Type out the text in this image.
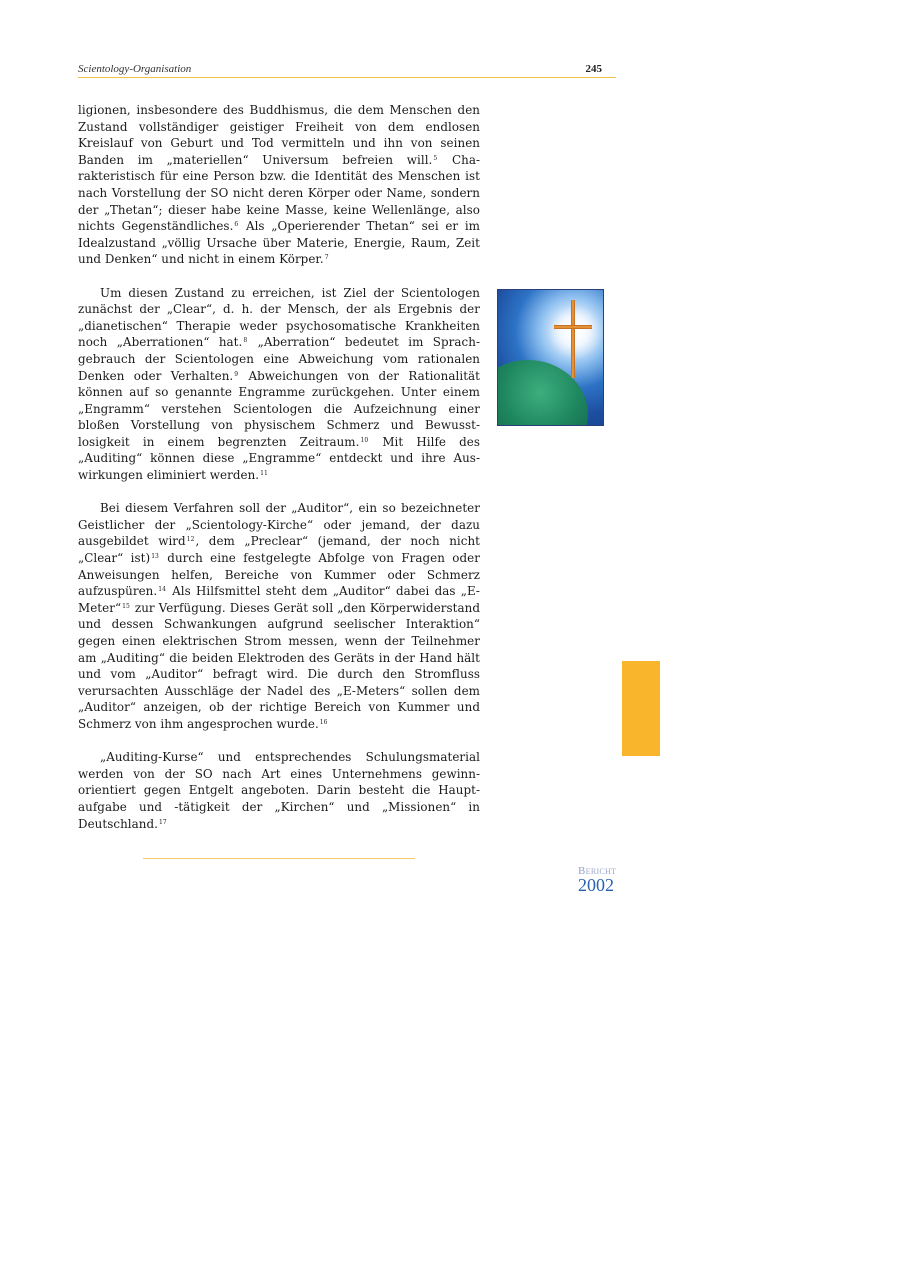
Scientology-Organisation	245

ligionen, insbesondere des Buddhismus, die dem Menschen den Zustand vollständiger geistiger Freiheit von dem endlosen Kreislauf von Geburt und Tod vermitteln und ihn von seinen Banden im „materiellen“ Universum befreien will.$^5$ Charakteristisch für eine Person bzw. die Identität des Menschen ist nach Vorstellung der SO nicht deren Körper oder Name, sondern der „Thetan“; dieser habe keine Masse, keine Wellenlänge, also nichts Gegenständliches.$^6$ Als „Operierender Thetan“ sei er im Idealzustand „völlig Ursache über Materie, Energie, Raum, Zeit und Denken“ und nicht in einem Körper.$^7$

Um diesen Zustand zu erreichen, ist Ziel der Scientologen zunächst der „Clear“, d. h. der Mensch, der als Ergebnis der „dianetischen“ Therapie weder psychosomatische Krankheiten noch „Aberrationen“ hat.$^8$ „Aberration“ bedeutet im Sprachgebrauch der Scientologen eine Abweichung vom rationalen Denken oder Verhalten.$^9$ Abweichungen von der Rationalität können auf so genannte Engramme zurückgehen. Unter einem „Engramm“ verstehen Scientologen die Aufzeichnung einer bloßen Vorstellung von physischem Schmerz und Bewusstlosigkeit in einem begrenzten Zeitraum.$^{10}$ Mit Hilfe des „Auditing“ können diese „Engramme“ entdeckt und ihre Auswirkungen eliminiert werden.$^{11}$

Bei diesem Verfahren soll der „Auditor“, ein so bezeichneter Geistlicher der „Scientology-Kirche“ oder jemand, der dazu ausgebildet wird$^{12}$, dem „Preclear“ (jemand, der noch nicht „Clear“ ist)$^{13}$ durch eine festgelegte Abfolge von Fragen oder Anweisungen helfen, Bereiche von Kummer oder Schmerz aufzuspüren.$^{14}$ Als Hilfsmittel steht dem „Auditor“ dabei das „E-Meter“$^{15}$ zur Verfügung. Dieses Gerät soll „den Körperwiderstand und dessen Schwankungen aufgrund seelischer Interaktion“ gegen einen elektrischen Strom messen, wenn der Teilnehmer am „Auditing“ die beiden Elektroden des Geräts in der Hand hält und vom „Auditor“ befragt wird. Die durch den Stromfluss verursachten Ausschläge der Nadel des „E-Meters“ sollen dem „Auditor“ anzeigen, ob der richtige Bereich von Kummer und Schmerz von ihm angesprochen wurde.$^{16}$

„Auditing-Kurse“ und entsprechendes Schulungsmaterial werden von der SO nach Art eines Unternehmens gewinnorientiert gegen Entgelt angeboten. Darin besteht die Hauptaufgabe und -tätigkeit der „Kirchen“ und „Missionen“ in Deutschland.$^{17}$

Bericht
2002
